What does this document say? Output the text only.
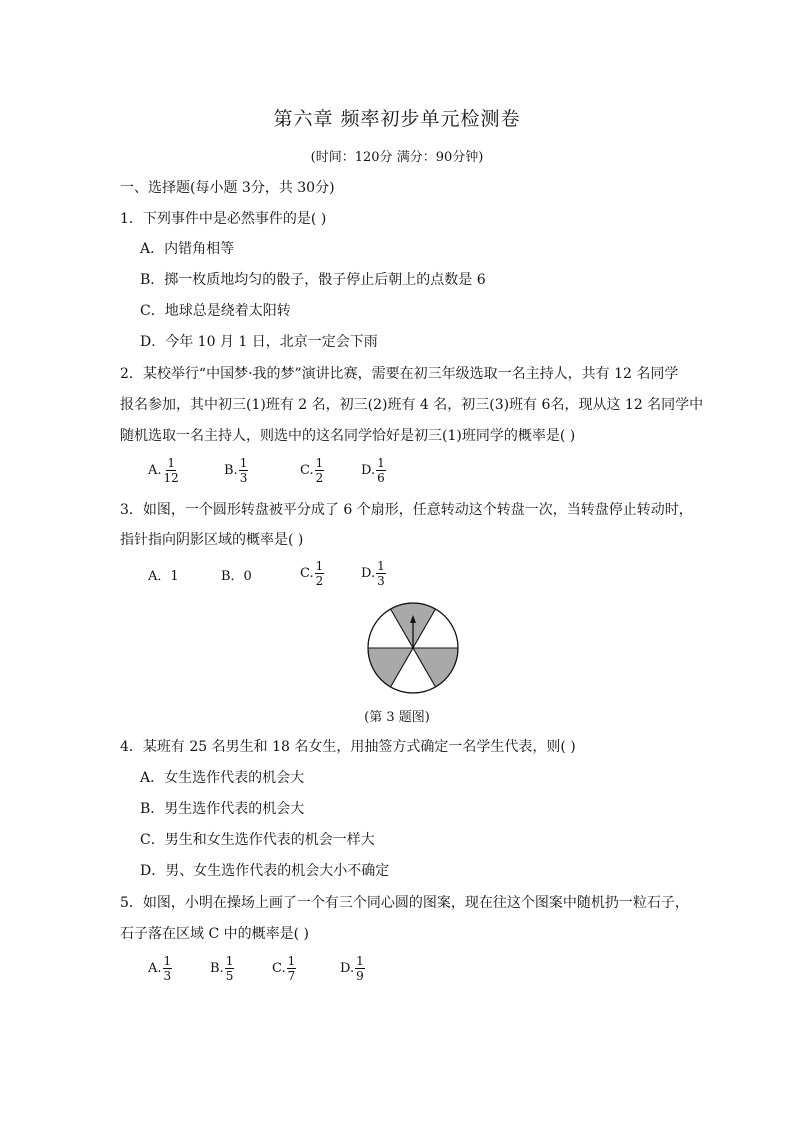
第六章 频率初步单元检测卷
(时间：120分 满分：90分钟)
一、选择题(每小题 3分，共 30分)
1．下列事件中是必然事件的是( )
A．内错角相等
B．掷一枚质地均匀的骰子，骰子停止后朝上的点数是 6
C．地球总是绕着太阳转
D．今年 10 月 1 日，北京一定会下雨
2．某校举行“中国梦·我的梦”演讲比赛，需要在初三年级选取一名主持人，共有 12 名同学
报名参加，其中初三(1)班有 2 名，初三(2)班有 4 名，初三(3)班有 6名，现从这 12 名同学中
随机选取一名主持人，则选中的这名同学恰好是初三(1)班同学的概率是( )
A. $\frac{1}{12}$	B. $\frac{1}{3}$	C. $\frac{1}{2}$	D. $\frac{1}{6}$
3．如图，一个圆形转盘被平分成了 6 个扇形，任意转动这个转盘一次，当转盘停止转动时，
指针指向阴影区域的概率是( )
A．1	B．0	C. $\frac{1}{2}$	D. $\frac{1}{3}$
(第 3 题图)
4．某班有 25 名男生和 18 名女生，用抽签方式确定一名学生代表，则( )
A．女生选作代表的机会大
B．男生选作代表的机会大
C．男生和女生选作代表的机会一样大
D．男、女生选作代表的机会大小不确定
5．如图，小明在操场上画了一个有三个同心圆的图案，现在往这个图案中随机扔一粒石子，
石子落在区域 C 中的概率是( )
A. $\frac{1}{3}$	B. $\frac{1}{5}$	C. $\frac{1}{7}$	D. $\frac{1}{9}$
